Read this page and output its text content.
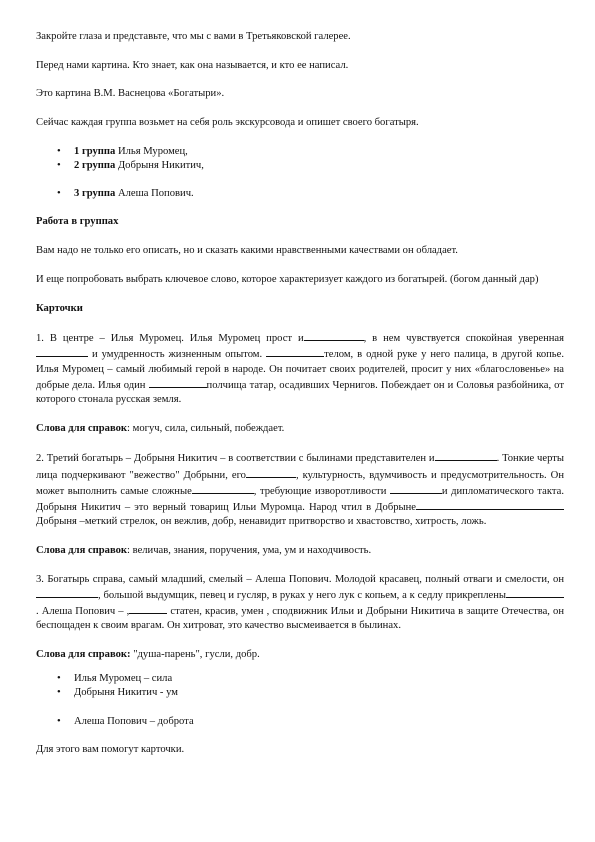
Закройте глаза и представьте, что мы с вами в Третьяковской галерее.

Перед нами картина. Кто знает, как она называется, и кто ее написал.

Это картина В.М. Васнецова «Богатыри».

Сейчас каждая группа возьмет на себя роль экскурсовода и опишет своего богатыря.

• 1 группа Илья Муромец,
• 2 группа Добрыня Никитич,
• 3 группа Алеша Попович.

Работа в группах

Вам надо не только его описать, но и сказать какими нравственными качествами он обладает.

И еще попробовать выбрать ключевое слово, которое характеризует каждого из богатырей. (богом данный дар)

Карточки

1. В центре – Илья Муромец. Илья Муромец прост и	, в нем чувствуется спокойная уверенная  и умудренность жизненным опытом.	телом, в одной руке у него палица, в другой копье. Илья Муромец – самый любимый герой в народе. Он почитает своих родителей, просит у них «благословенье» на добрые дела. Илья один	полчища татар, осадивших Чернигов. Побеждает он и Соловья разбойника, от которого стонала русская земля.

Слова для справок: могуч, сила, сильный, побеждает.

2. Третий богатырь – Добрыня Никитич – в соответствии с былинами представителен и	. Тонкие черты лица подчеркивают "вежество" Добрыни, его	, культурность, вдумчивость и предусмотрительность. Он может выполнить самые сложные	, требующие изворотливости	и дипломатического такта. Добрыня Никитич – это верный товарищ Ильи Муромца. Народ чтил в Добрыне Добрыня –меткий стрелок, он вежлив, добр, ненавидит притворство и хвастовство, хитрость, ложь.

Слова для справок: величав, знания, поручения, ума, ум и находчивость.

3. Богатырь справа, самый младший, смелый – Алеша Попович. Молодой красавец, полный отваги и смелости, он, большой выдумщик, певец и гусляр, в руках у него лук с копьем, а к седлу прикреплены. Алеша Попович – ,	статен, красив, умен , сподвижник Ильи и Добрыни Никитича в защите Отечества, он беспощаден к своим врагам. Он хитроват, это качество высмеивается в былинах.

Слова для справок: "душа-парень", гусли, добр.

• Илья Муромец – сила
• Добрыня Никитич - ум
• Алеша Попович – доброта

Для этого вам помогут карточки.
